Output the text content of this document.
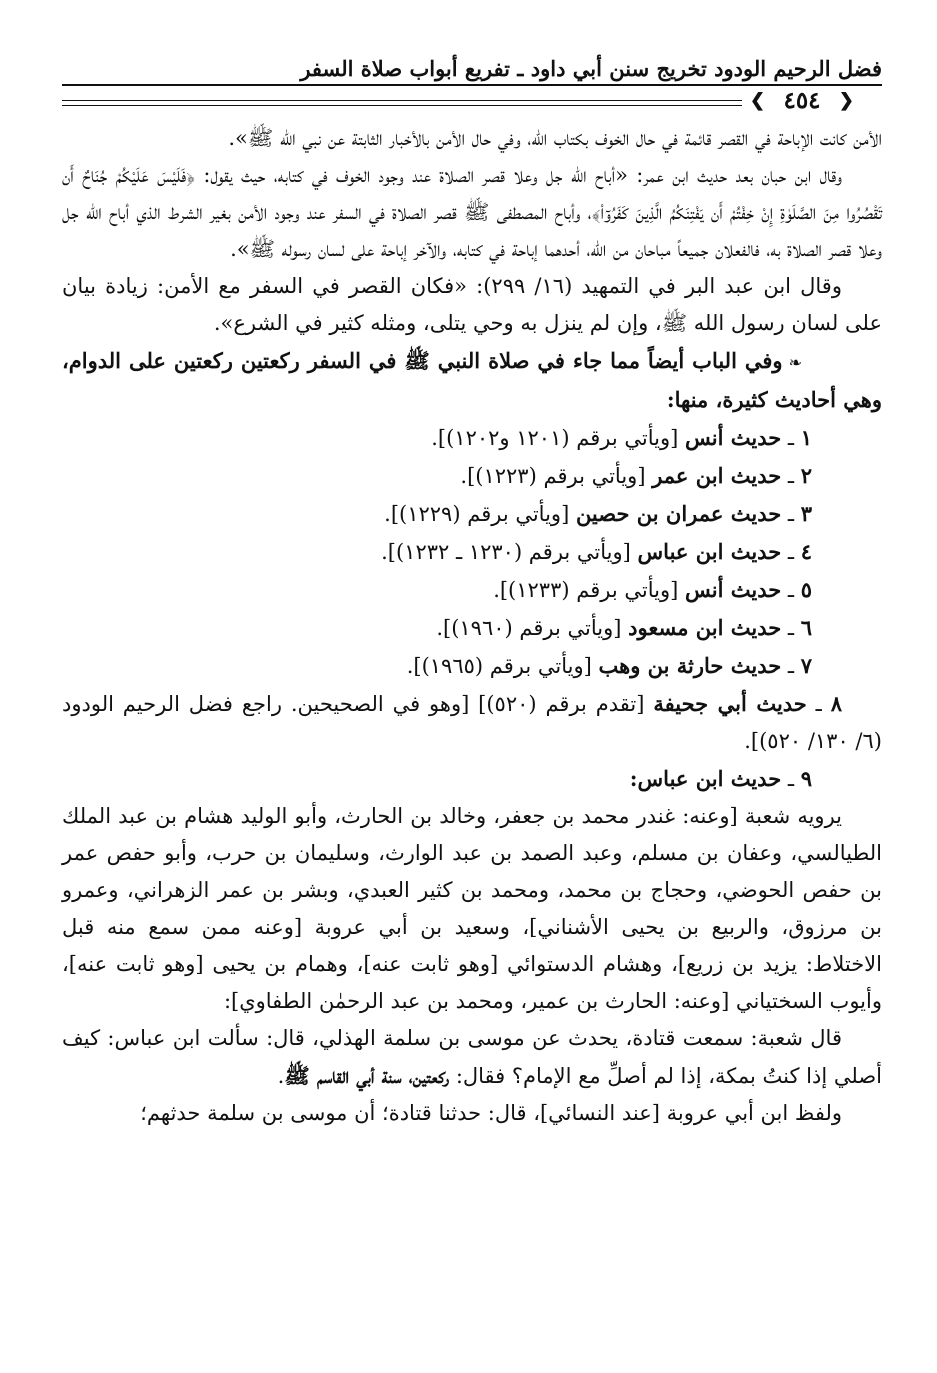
فضل الرحيم الودود تخريج سنن أبي داود ـ تفريع أبواب صلاة السفر
❮ ٤٥٤ ❯

الأمن كانت الإباحة في القصر قائمة في حال الخوف بكتاب الله، وفي حال الأمن بالأخبار الثابتة عن نبي الله ﷺ».

وقال ابن حبان بعد حديث ابن عمر: «أباح الله جل وعلا قصر الصلاة عند وجود الخوف في كتابه، حيث يقول: ﴿فَلَيْسَ عَلَيْكُمْ جُنَاحٌ أَن تَقْصُرُوا مِنَ الصَّلَوٰةِ إِنْ خِفْتُمْ أَن يَفْتِنَكُمُ الَّذِينَ كَفَرُوٓاْ﴾، وأباح المصطفى ﷺ قصر الصلاة في السفر عند وجود الأمن بغير الشرط الذي أباح الله جل وعلا قصر الصلاة به، فالفعلان جميعاً مباحان من الله، أحدهما إباحة في كتابه، والآخر إباحة على لسان رسوله ﷺ».

وقال ابن عبد البر في التمهيد (١٦/ ٢٩٩): «فكان القصر في السفر مع الأمن: زيادة بيان على لسان رسول الله ﷺ، وإن لم ينزل به وحي يتلى، ومثله كثير في الشرع».

❧وفي الباب أيضاً مما جاء في صلاة النبي ﷺ في السفر ركعتين ركعتين على الدوام، وهي أحاديث كثيرة، منها:

١ ـ حديث أنس [ويأتي برقم (١٢٠١ و١٢٠٢)].

٢ ـ حديث ابن عمر [ويأتي برقم (١٢٢٣)].

٣ ـ حديث عمران بن حصين [ويأتي برقم (١٢٢٩)].

٤ ـ حديث ابن عباس [ويأتي برقم (١٢٣٠ ـ ١٢٣٢)].

٥ ـ حديث أنس [ويأتي برقم (١٢٣٣)].

٦ ـ حديث ابن مسعود [ويأتي برقم (١٩٦٠)].

٧ ـ حديث حارثة بن وهب [ويأتي برقم (١٩٦٥)].

٨ ـ حديث أبي جحيفة [تقدم برقم (٥٢٠)] [وهو في الصحيحين. راجع فضل الرحيم الودود (٦/ ١٣٠/ ٥٢٠)].

٩ ـ حديث ابن عباس:

يرويه شعبة [وعنه: غندر محمد بن جعفر، وخالد بن الحارث، وأبو الوليد هشام بن عبد الملك الطيالسي، وعفان بن مسلم، وعبد الصمد بن عبد الوارث، وسليمان بن حرب، وأبو حفص عمر بن حفص الحوضي، وحجاج بن محمد، ومحمد بن كثير العبدي، وبشر بن عمر الزهراني، وعمرو بن مرزوق، والربيع بن يحيى الأشناني]، وسعيد بن أبي عروبة [وعنه ممن سمع منه قبل الاختلاط: يزيد بن زريع]، وهشام الدستوائي [وهو ثابت عنه]، وهمام بن يحيى [وهو ثابت عنه]، وأيوب السختياني [وعنه: الحارث بن عمير، ومحمد بن عبد الرحمٰن الطفاوي]:

قال شعبة: سمعت قتادة، يحدث عن موسى بن سلمة الهذلي، قال: سألت ابن عباس: كيف أصلي إذا كنتُ بمكة، إذا لم أصلِّ مع الإمام؟ فقال: ركعتين، سنة أبي القاسم ﷺ.

ولفظ ابن أبي عروبة [عند النسائي]، قال: حدثنا قتادة؛ أن موسى بن سلمة حدثهم؛
